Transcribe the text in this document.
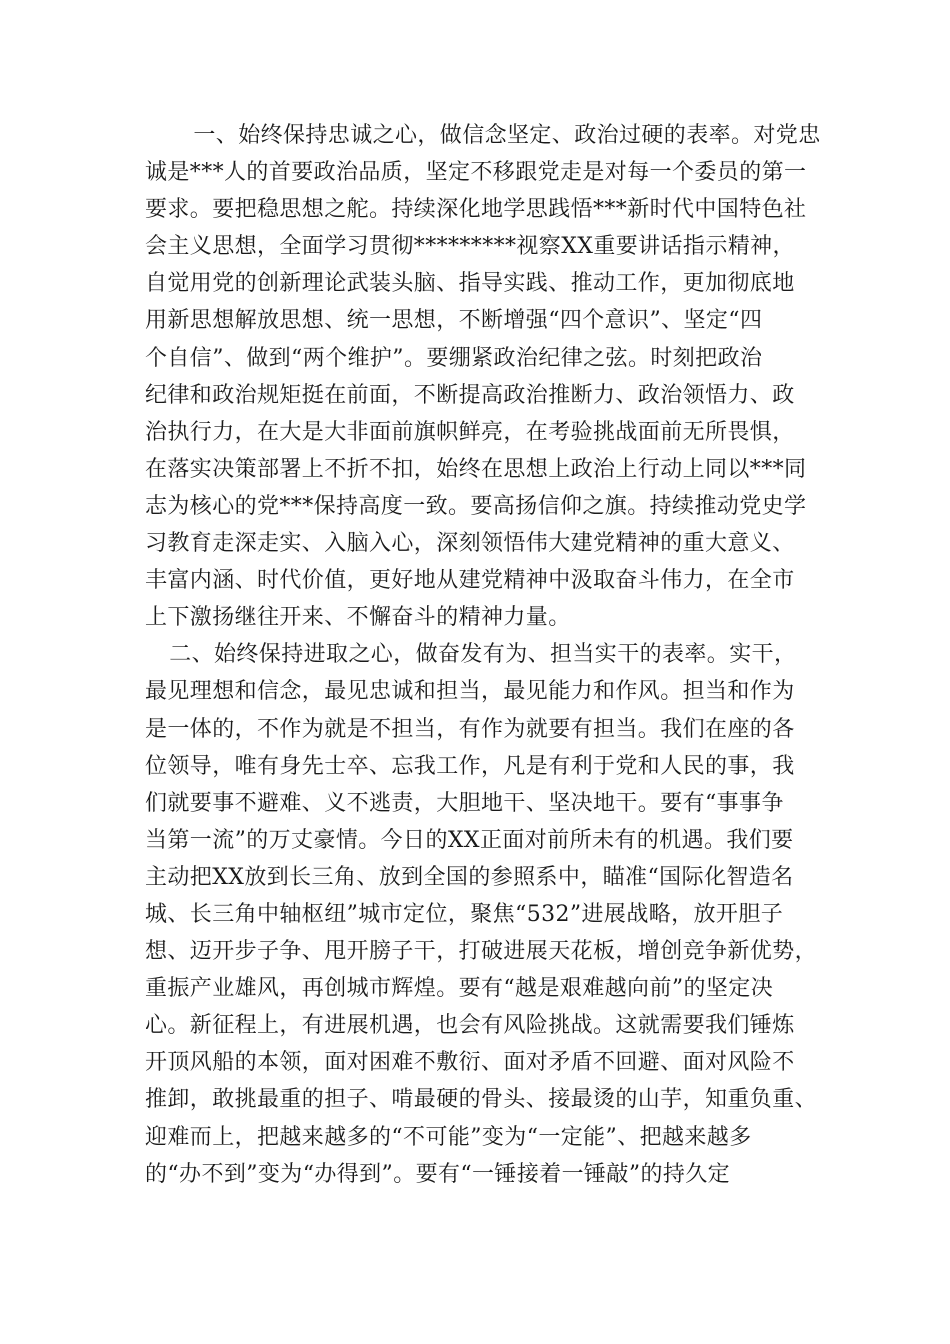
一、始终保持忠诚之心，做信念坚定、政治过硬的表率。对党忠
诚是***人的首要政治品质，坚定不移跟党走是对每一个委员的第一
要求。要把稳思想之舵。持续深化地学思践悟***新时代中国特色社
会主义思想，全面学习贯彻*********视察XX重要讲话指示精神，
自觉用党的创新理论武装头脑、指导实践、推动工作，更加彻底地
用新思想解放思想、统一思想，不断增强“四个意识”、坚定“四
个自信”、做到“两个维护”。要绷紧政治纪律之弦。时刻把政治
纪律和政治规矩挺在前面，不断提高政治推断力、政治领悟力、政
治执行力，在大是大非面前旗帜鲜亮，在考验挑战面前无所畏惧，
在落实决策部署上不折不扣，始终在思想上政治上行动上同以***同
志为核心的党***保持高度一致。要高扬信仰之旗。持续推动党史学
习教育走深走实、入脑入心，深刻领悟伟大建党精神的重大意义、
丰富内涵、时代价值，更好地从建党精神中汲取奋斗伟力，在全市
上下激扬继往开来、不懈奋斗的精神力量。

二、始终保持进取之心，做奋发有为、担当实干的表率。实干，
最见理想和信念，最见忠诚和担当，最见能力和作风。担当和作为
是一体的，不作为就是不担当，有作为就要有担当。我们在座的各
位领导，唯有身先士卒、忘我工作，凡是有利于党和人民的事，我
们就要事不避难、义不逃责，大胆地干、坚决地干。要有“事事争
当第一流”的万丈豪情。今日的XX正面对前所未有的机遇。我们要
主动把XX放到长三角、放到全国的参照系中，瞄准“国际化智造名
城、长三角中轴枢纽”城市定位，聚焦“532”进展战略，放开胆子
想、迈开步子争、甩开膀子干，打破进展天花板，增创竞争新优势，
重振产业雄风，再创城市辉煌。要有“越是艰难越向前”的坚定决
心。新征程上，有进展机遇，也会有风险挑战。这就需要我们锤炼
开顶风船的本领，面对困难不敷衍、面对矛盾不回避、面对风险不
推卸，敢挑最重的担子、啃最硬的骨头、接最烫的山芋，知重负重、
迎难而上，把越来越多的“不可能”变为“一定能”、把越来越多
的“办不到”变为“办得到”。要有“一锤接着一锤敲”的持久定
